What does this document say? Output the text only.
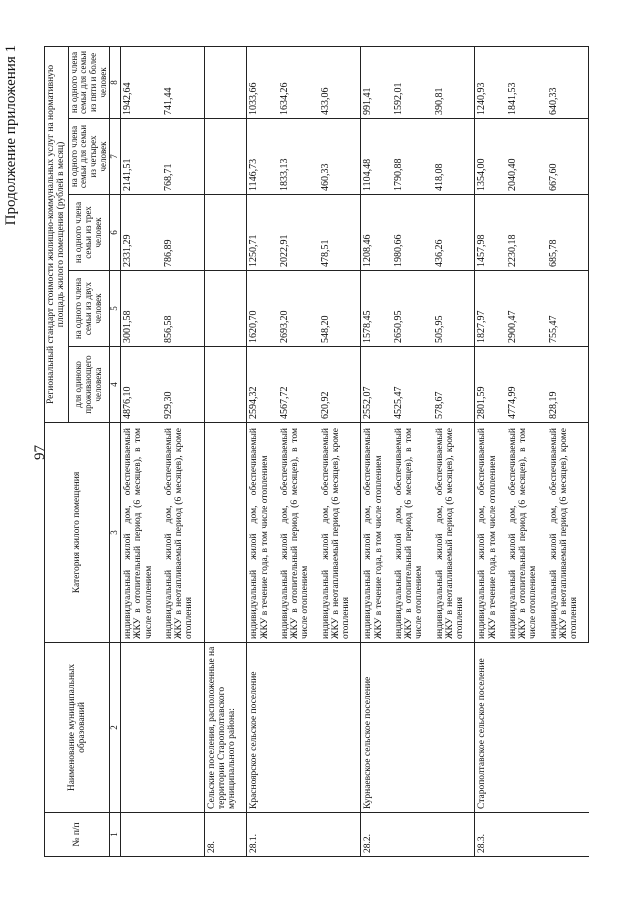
97
Продолжение приложения 1
№ п/п	Наименование муниципальных образований	Категория жилого помещения	Региональный стандарт стоимости жилищно-коммунальных услуг на нормативную площадь жилого помещения (рублей в месяц)				
			для одиноко проживающего человека	на одного члена семьи из двух человек	на одного члена семьи из трех человек	на одного члена семьи для семьи из четырех человек	на одного члена семьи для семьи из пяти и более человек
1	2	3	4	5	6	7	8
		индивидуальный жилой дом, обеспечиваемый ЖКУ в отопительный период (6 месяцев), в том числе отоплением	4876,10	3001,58	2331,29	2141,51	1942,64
		индивидуальный жилой дом, обеспечиваемый ЖКУ в неотапливаемый период (6 месяцев), кроме отопления	929,30	856,58	786,89	768,71	741,44
28.	Сельские поселения, расположенные на территории Старополтавского муниципального района:						
28.1.	Красноярское сельское поселение	индивидуальный жилой дом, обеспечиваемый ЖКУ в течение года, в том числе отоплением	2594,32	1620,70	1250,71	1146,73	1033,66
		индивидуальный жилой дом, обеспечиваемый ЖКУ в отопительный период (6 месяцев), в том числе отоплением	4567,72	2693,20	2022,91	1833,13	1634,26
		индивидуальный жилой дом, обеспечиваемый ЖКУ в неотапливаемый период (6 месяцев), кроме отопления	620,92	548,20	478,51	460,33	433,06
28.2.	Курнаевское сельское поселение	индивидуальный жилой дом, обеспечиваемый ЖКУ в течение года, в том числе отоплением	2552,07	1578,45	1208,46	1104,48	991,41
		индивидуальный жилой дом, обеспечиваемый ЖКУ в отопительный период (6 месяцев), в том числе отоплением	4525,47	2650,95	1980,66	1790,88	1592,01
		индивидуальный жилой дом, обеспечиваемый ЖКУ в неотапливаемый период (6 месяцев), кроме отопления	578,67	505,95	436,26	418,08	390,81
28.3.	Старополтавское сельское поселение	индивидуальный жилой дом, обеспечиваемый ЖКУ в течение года, в том числе отоплением	2801,59	1827,97	1457,98	1354,00	1240,93
		индивидуальный жилой дом, обеспечиваемый ЖКУ в отопительный период (6 месяцев), в том числе отоплением	4774,99	2900,47	2230,18	2040,40	1841,53
		индивидуальный жилой дом, обеспечиваемый ЖКУ в неотапливаемый период (6 месяцев), кроме отопления	828,19	755,47	685,78	667,60	640,33
